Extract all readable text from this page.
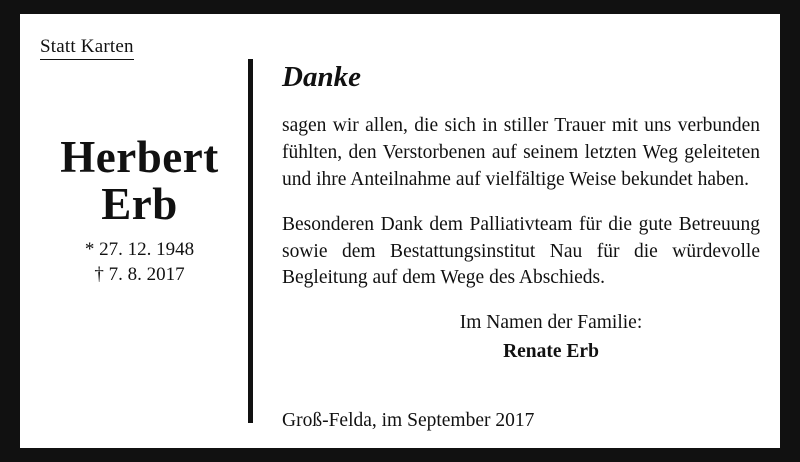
Statt Karten
Herbert
Erb
* 27. 12. 1948
† 7. 8. 2017
Danke
sagen wir allen, die sich in stiller Trauer mit uns verbunden fühlten, den Verstorbenen auf seinem letzten Weg geleiteten und ihre Anteilnahme auf vielfältige Weise bekundet haben.
Besonderen Dank dem Palliativteam für die gute Betreuung sowie dem Bestattungsinstitut Nau für die würdevolle Begleitung auf dem Wege des Abschieds.
Im Namen der Familie:
Renate Erb
Groß-Felda, im September 2017
